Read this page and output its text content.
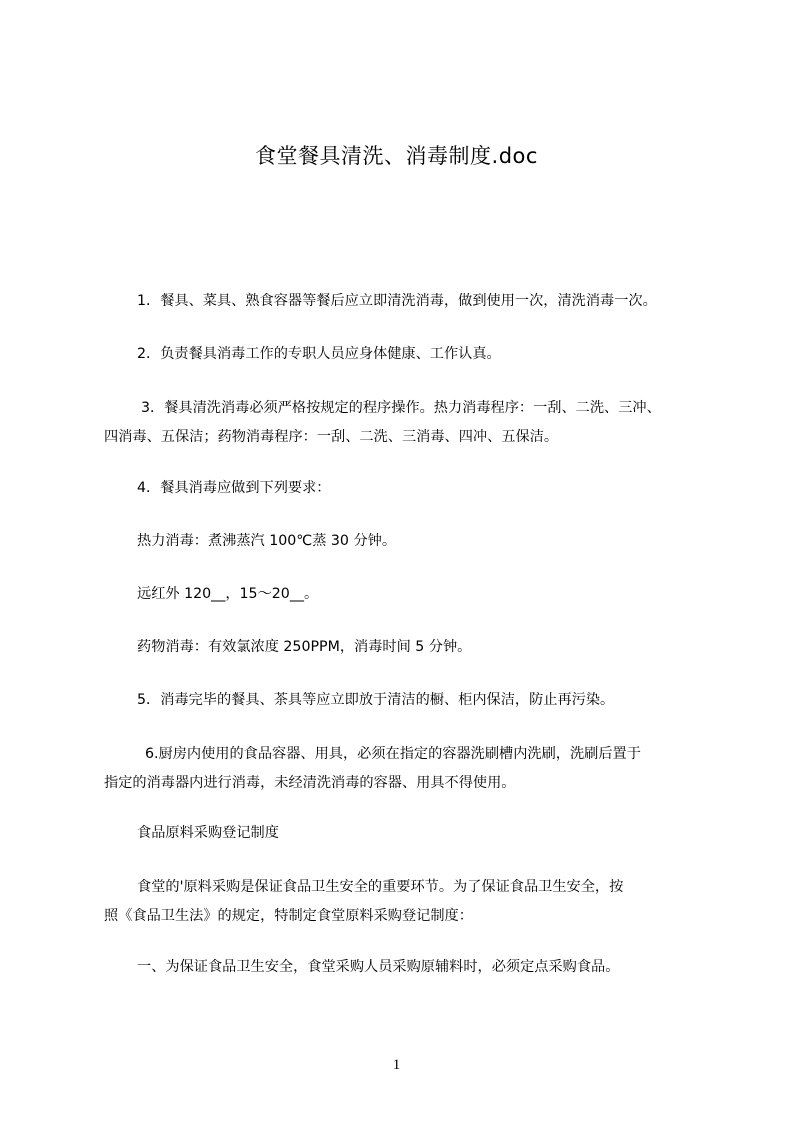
食堂餐具清洗、消毒制度.doc
1．餐具、菜具、熟食容器等餐后应立即清洗消毒，做到使用一次，清洗消毒一次。
2．负责餐具消毒工作的专职人员应身体健康、工作认真。
3．餐具清洗消毒必须严格按规定的程序操作。热力消毒程序：一刮、二洗、三冲、
四消毒、五保洁；药物消毒程序：一刮、二洗、三消毒、四冲、五保洁。
4．餐具消毒应做到下列要求：
热力消毒：煮沸蒸汽 100℃蒸 30 分钟。
远红外 120__，15～20__。
药物消毒：有效氯浓度 250PPM，消毒时间 5 分钟。
5．消毒完毕的餐具、茶具等应立即放于清洁的橱、柜内保洁，防止再污染。
6.厨房内使用的食品容器、用具，必须在指定的容器洗刷槽内洗刷，洗刷后置于
指定的消毒器内进行消毒，未经清洗消毒的容器、用具不得使用。
食品原料采购登记制度
食堂的'原料采购是保证食品卫生安全的重要环节。为了保证食品卫生安全，按
照《食品卫生法》的规定，特制定食堂原料采购登记制度：
一、为保证食品卫生安全，食堂采购人员采购原辅料时，必须定点采购食品。
1
